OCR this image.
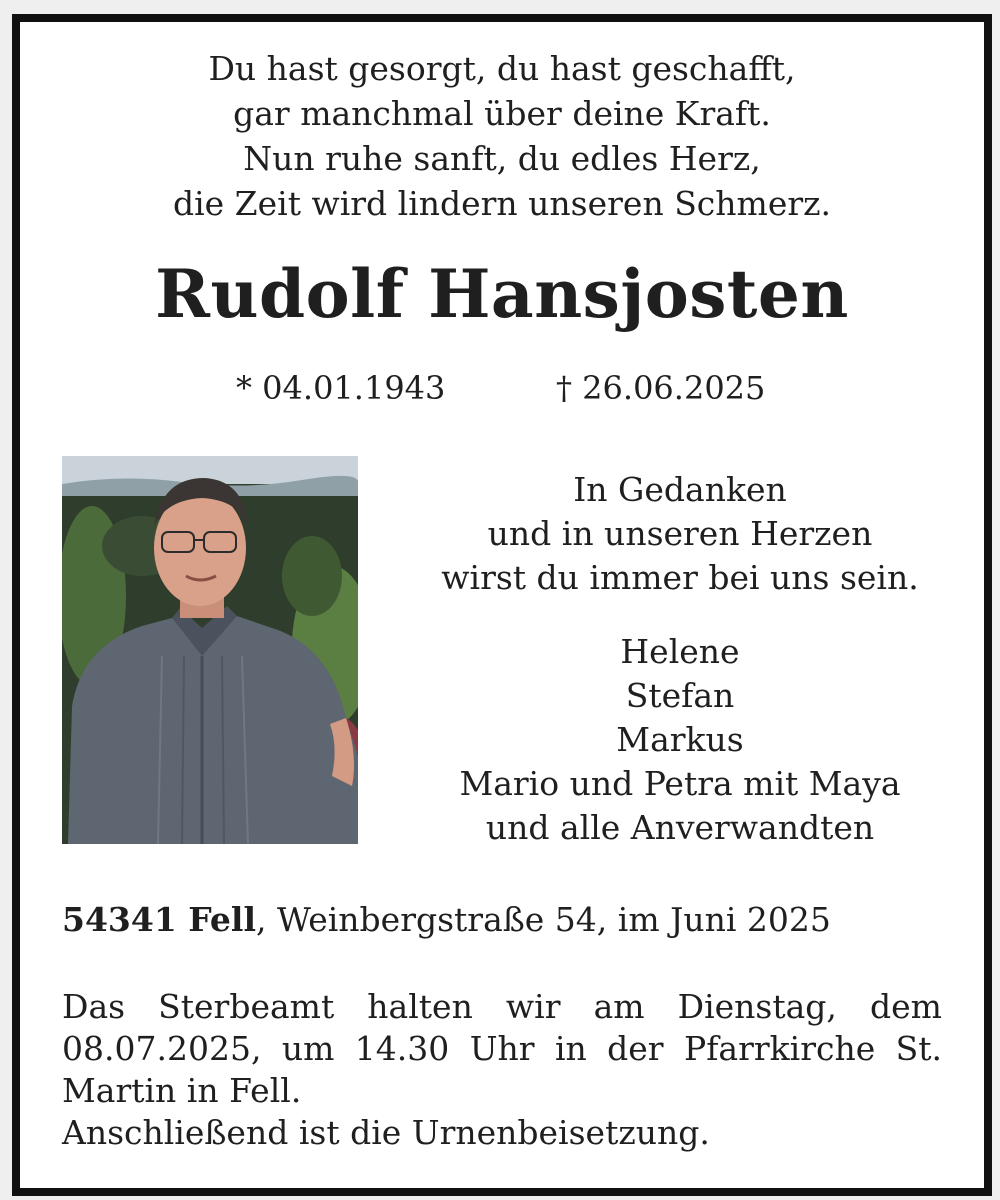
Du hast gesorgt, du hast geschafft,
gar manchmal über deine Kraft.
Nun ruhe sanft, du edles Herz,
die Zeit wird lindern unseren Schmerz.
Rudolf Hansjosten
* 04.01.1943	† 26.06.2025
In Gedanken
und in unseren Herzen
wirst du immer bei uns sein.
Helene
Stefan
Markus
Mario und Petra mit Maya
und alle Anverwandten
54341 Fell, Weinbergstraße 54, im Juni 2025
Das Sterbeamt halten wir am Dienstag, dem
08.07.2025, um 14.30 Uhr in der Pfarrkirche St.
Martin in Fell.
Anschließend ist die Urnenbeisetzung.
